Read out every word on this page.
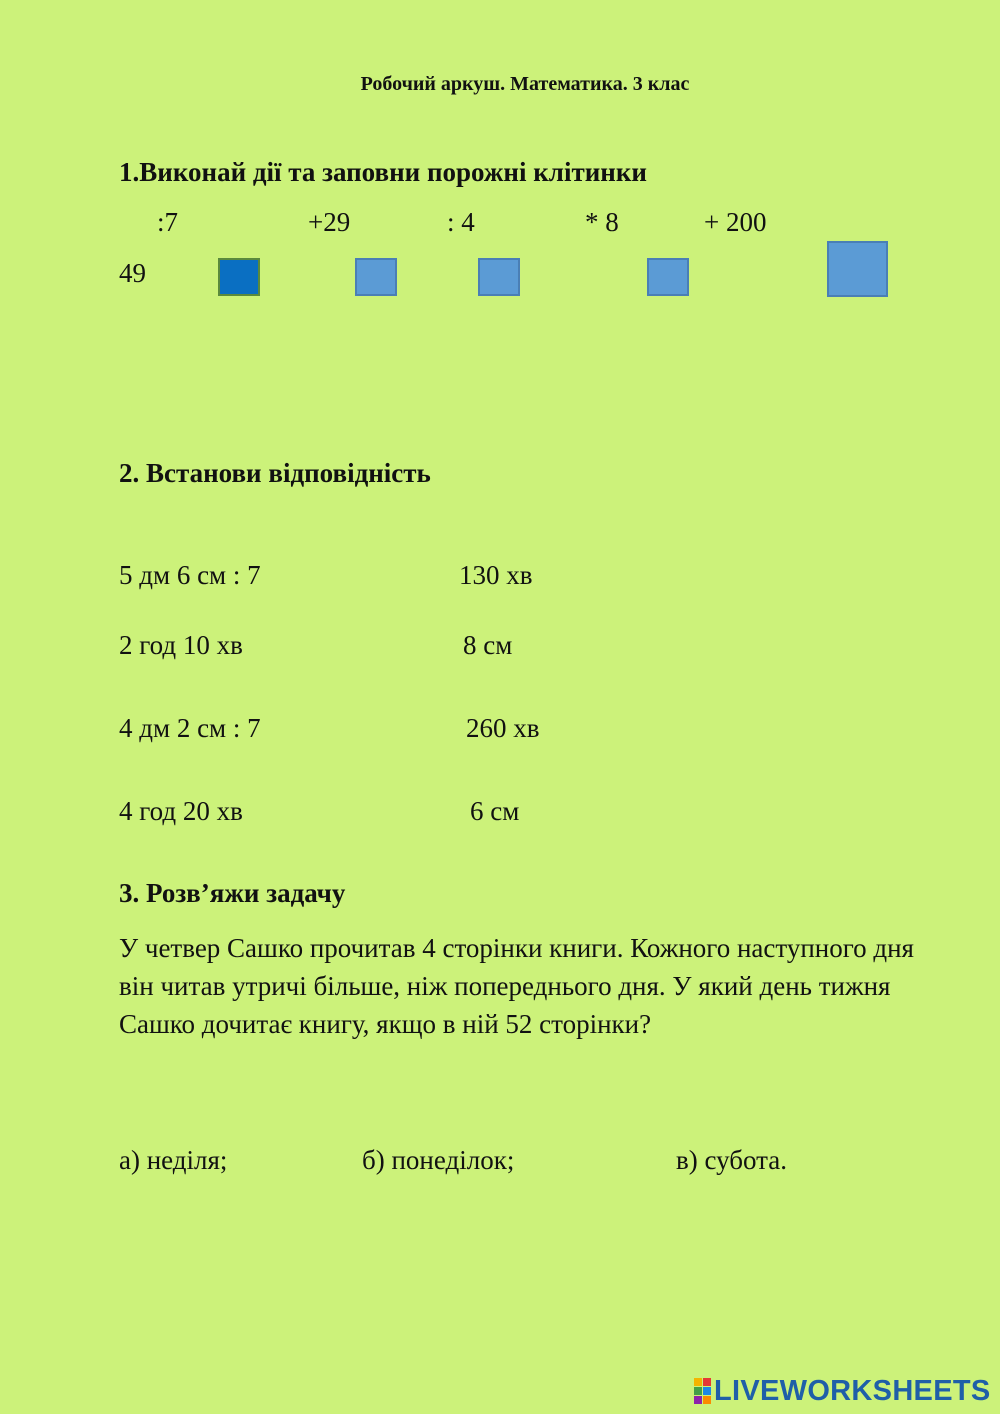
Робочий аркуш. Математика. 3 клас
1.Виконай дії та заповни порожні клітинки
:7	+29	: 4	* 8	+ 200
49
2. Встанови відповідність
5 дм 6 см : 7	130 хв
2 год 10 хв	8 см
4 дм 2 см : 7	260 хв
4 год 20 хв	6 см
3. Розв’яжи задачу
У четвер Сашко прочитав 4 сторінки книги. Кожного наступного дня він читав утричі більше, ніж попереднього дня. У який день тижня Сашко дочитає книгу, якщо в ній 52 сторінки?
а) неділя;	б) понеділок;	в) субота.
LIVEWORKSHEETS
